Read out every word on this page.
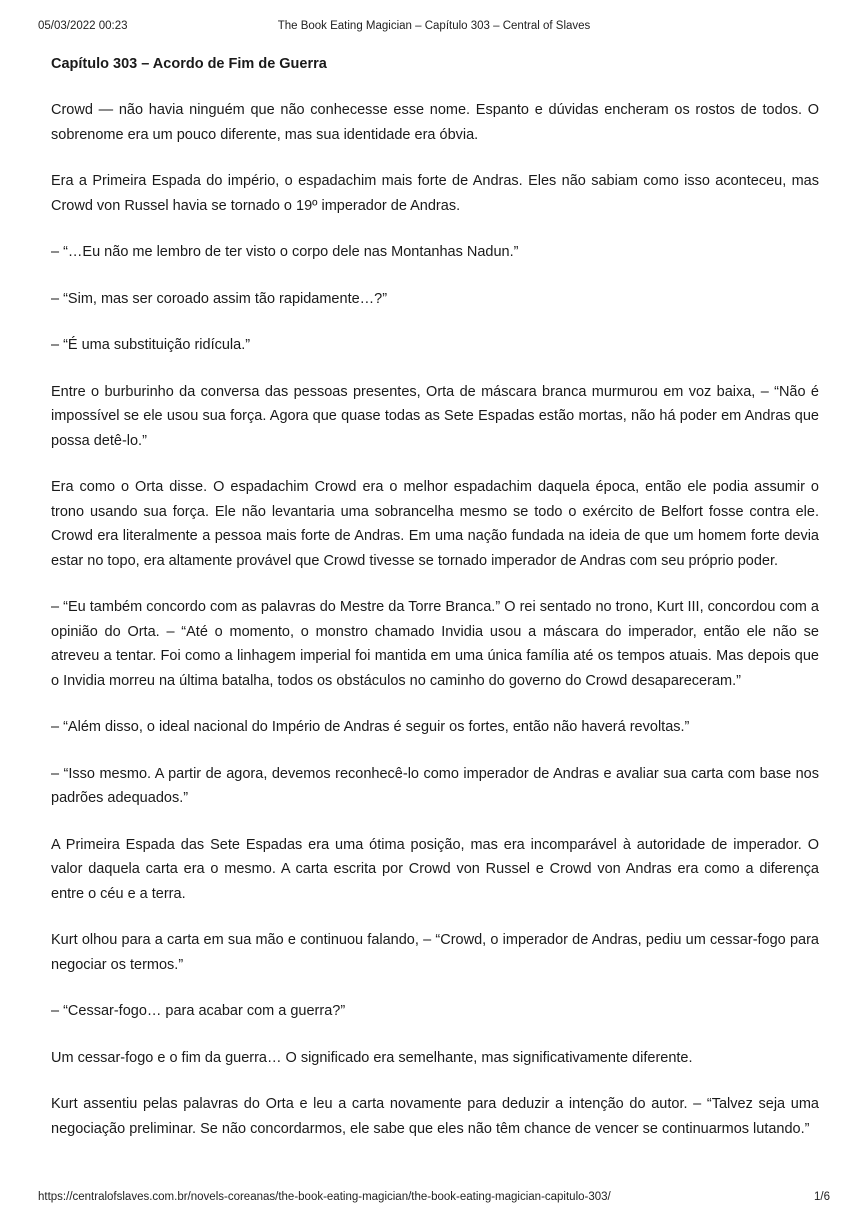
05/03/2022 00:23	The Book Eating Magician – Capítulo 303 – Central of Slaves
Capítulo 303 – Acordo de Fim de Guerra

Crowd — não havia ninguém que não conhecesse esse nome. Espanto e dúvidas encheram os rostos de todos. O sobrenome era um pouco diferente, mas sua identidade era óbvia.

Era a Primeira Espada do império, o espadachim mais forte de Andras. Eles não sabiam como isso aconteceu, mas Crowd von Russel havia se tornado o 19º imperador de Andras.

– “…Eu não me lembro de ter visto o corpo dele nas Montanhas Nadun.”

– “Sim, mas ser coroado assim tão rapidamente…?”

– “É uma substituição ridícula.”

Entre o burburinho da conversa das pessoas presentes, Orta de máscara branca murmurou em voz baixa, – “Não é impossível se ele usou sua força. Agora que quase todas as Sete Espadas estão mortas, não há poder em Andras que possa detê-lo.”

Era como o Orta disse. O espadachim Crowd era o melhor espadachim daquela época, então ele podia assumir o trono usando sua força. Ele não levantaria uma sobrancelha mesmo se todo o exército de Belfort fosse contra ele. Crowd era literalmente a pessoa mais forte de Andras. Em uma nação fundada na ideia de que um homem forte devia estar no topo, era altamente provável que Crowd tivesse se tornado imperador de Andras com seu próprio poder.

– “Eu também concordo com as palavras do Mestre da Torre Branca.” O rei sentado no trono, Kurt III, concordou com a opinião do Orta. – “Até o momento, o monstro chamado Invidia usou a máscara do imperador, então ele não se atreveu a tentar. Foi como a linhagem imperial foi mantida em uma única família até os tempos atuais. Mas depois que o Invidia morreu na última batalha, todos os obstáculos no caminho do governo do Crowd desapareceram.”

– “Além disso, o ideal nacional do Império de Andras é seguir os fortes, então não haverá revoltas.”

– “Isso mesmo. A partir de agora, devemos reconhecê-lo como imperador de Andras e avaliar sua carta com base nos padrões adequados.”

A Primeira Espada das Sete Espadas era uma ótima posição, mas era incomparável à autoridade de imperador. O valor daquela carta era o mesmo. A carta escrita por Crowd von Russel e Crowd von Andras era como a diferença entre o céu e a terra.

Kurt olhou para a carta em sua mão e continuou falando, – “Crowd, o imperador de Andras, pediu um cessar-fogo para negociar os termos.”

– “Cessar-fogo… para acabar com a guerra?”

Um cessar-fogo e o fim da guerra… O significado era semelhante, mas significativamente diferente.

Kurt assentiu pelas palavras do Orta e leu a carta novamente para deduzir a intenção do autor. – “Talvez seja uma negociação preliminar. Se não concordarmos, ele sabe que eles não têm chance de vencer se continuarmos lutando.”

https://centralofslaves.com.br/novels-coreanas/the-book-eating-magician/the-book-eating-magician-capitulo-303/	1/6
